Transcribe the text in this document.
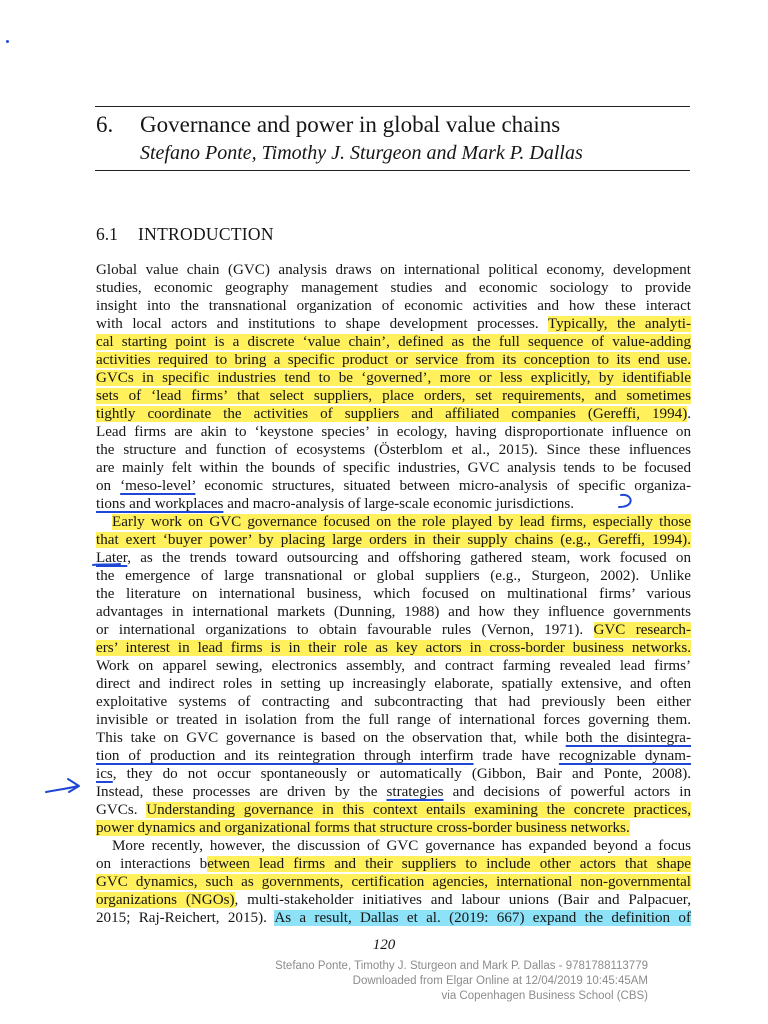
6. Governance and power in global value chains
Stefano Ponte, Timothy J. Sturgeon and Mark P. Dallas
6.1 INTRODUCTION
Global value chain (GVC) analysis draws on international political economy, development
studies, economic geography management studies and economic sociology to provide
insight into the transnational organization of economic activities and how these interact
with local actors and institutions to shape development processes. Typically, the analyti-
cal starting point is a discrete ‘value chain’, defined as the full sequence of value-adding
activities required to bring a specific product or service from its conception to its end use.
GVCs in specific industries tend to be ‘governed’, more or less explicitly, by identifiable
sets of ‘lead firms’ that select suppliers, place orders, set requirements, and sometimes
tightly coordinate the activities of suppliers and affiliated companies (Gereffi, 1994).
Lead firms are akin to ‘keystone species’ in ecology, having disproportionate influence on
the structure and function of ecosystems (Österblom et al., 2015). Since these influences
are mainly felt within the bounds of specific industries, GVC analysis tends to be focused
on ‘meso-level’ economic structures, situated between micro-analysis of specific organiza-
tions and workplaces and macro-analysis of large-scale economic jurisdictions.
Early work on GVC governance focused on the role played by lead firms, especially those
that exert ‘buyer power’ by placing large orders in their supply chains (e.g., Gereffi, 1994).
Later, as the trends toward outsourcing and offshoring gathered steam, work focused on
the emergence of large transnational or global suppliers (e.g., Sturgeon, 2002). Unlike
the literature on international business, which focused on multinational firms’ various
advantages in international markets (Dunning, 1988) and how they influence governments
or international organizations to obtain favourable rules (Vernon, 1971). GVC research-
ers’ interest in lead firms is in their role as key actors in cross-border business networks.
Work on apparel sewing, electronics assembly, and contract farming revealed lead firms’
direct and indirect roles in setting up increasingly elaborate, spatially extensive, and often
exploitative systems of contracting and subcontracting that had previously been either
invisible or treated in isolation from the full range of international forces governing them.
This take on GVC governance is based on the observation that, while both the disintegra-
tion of production and its reintegration through interfirm trade have recognizable dynam-
ics, they do not occur spontaneously or automatically (Gibbon, Bair and Ponte, 2008).
Instead, these processes are driven by the strategies and decisions of powerful actors in
GVCs. Understanding governance in this context entails examining the concrete practices,
power dynamics and organizational forms that structure cross-border business networks.
More recently, however, the discussion of GVC governance has expanded beyond a focus
on interactions between lead firms and their suppliers to include other actors that shape
GVC dynamics, such as governments, certification agencies, international non-governmental
organizations (NGOs), multi-stakeholder initiatives and labour unions (Bair and Palpacuer,
2015; Raj-Reichert, 2015). As a result, Dallas et al. (2019: 667) expand the definition of
120
Stefano Ponte, Timothy J. Sturgeon and Mark P. Dallas - 9781788113779
Downloaded from Elgar Online at 12/04/2019 10:45:45AM
via Copenhagen Business School (CBS)
